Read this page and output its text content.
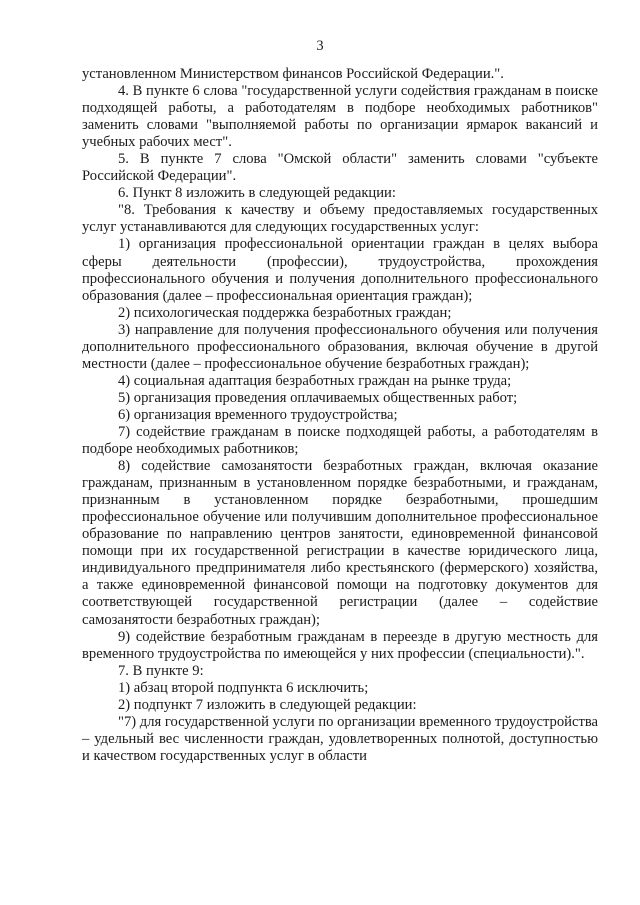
3

установленном Министерством финансов Российской Федерации.".

4. В пункте 6 слова "государственной услуги содействия гражданам в поиске подходящей работы, а работодателям в подборе необходимых работников" заменить словами "выполняемой работы по организации ярмарок вакансий и учебных рабочих мест".

5. В пункте 7 слова "Омской области" заменить словами "субъекте Российской Федерации".

6. Пункт 8 изложить в следующей редакции:

"8. Требования к качеству и объему предоставляемых государственных услуг устанавливаются для следующих государственных услуг:

1) организация профессиональной ориентации граждан в целях выбора сферы деятельности (профессии), трудоустройства, прохождения профессионального обучения и получения дополнительного профессионального образования (далее – профессиональная ориентация граждан);

2) психологическая поддержка безработных граждан;

3) направление для получения профессионального обучения или получения дополнительного профессионального образования, включая обучение в другой местности (далее – профессиональное обучение безработных граждан);

4) социальная адаптация безработных граждан на рынке труда;

5) организация проведения оплачиваемых общественных работ;

6) организация временного трудоустройства;

7) содействие гражданам в поиске подходящей работы, а работодателям в подборе необходимых работников;

8) содействие самозанятости безработных граждан, включая оказание гражданам, признанным в установленном порядке безработными, и гражданам, признанным в установленном порядке безработными, прошедшим профессиональное обучение или получившим дополнительное профессиональное образование по направлению центров занятости, единовременной финансовой помощи при их государственной регистрации в качестве юридического лица, индивидуального предпринимателя либо крестьянского (фермерского) хозяйства, а также единовременной финансовой помощи на подготовку документов для соответствующей государственной регистрации (далее – содействие самозанятости безработных граждан);

9) содействие безработным гражданам в переезде в другую местность для временного трудоустройства по имеющейся у них профессии (специальности).".

7. В пункте 9:

1) абзац второй подпункта 6 исключить;

2) подпункт 7 изложить в следующей редакции:

"7) для государственной услуги по организации временного трудоустройства – удельный вес численности граждан, удовлетворенных полнотой, доступностью и качеством государственных услуг в области
